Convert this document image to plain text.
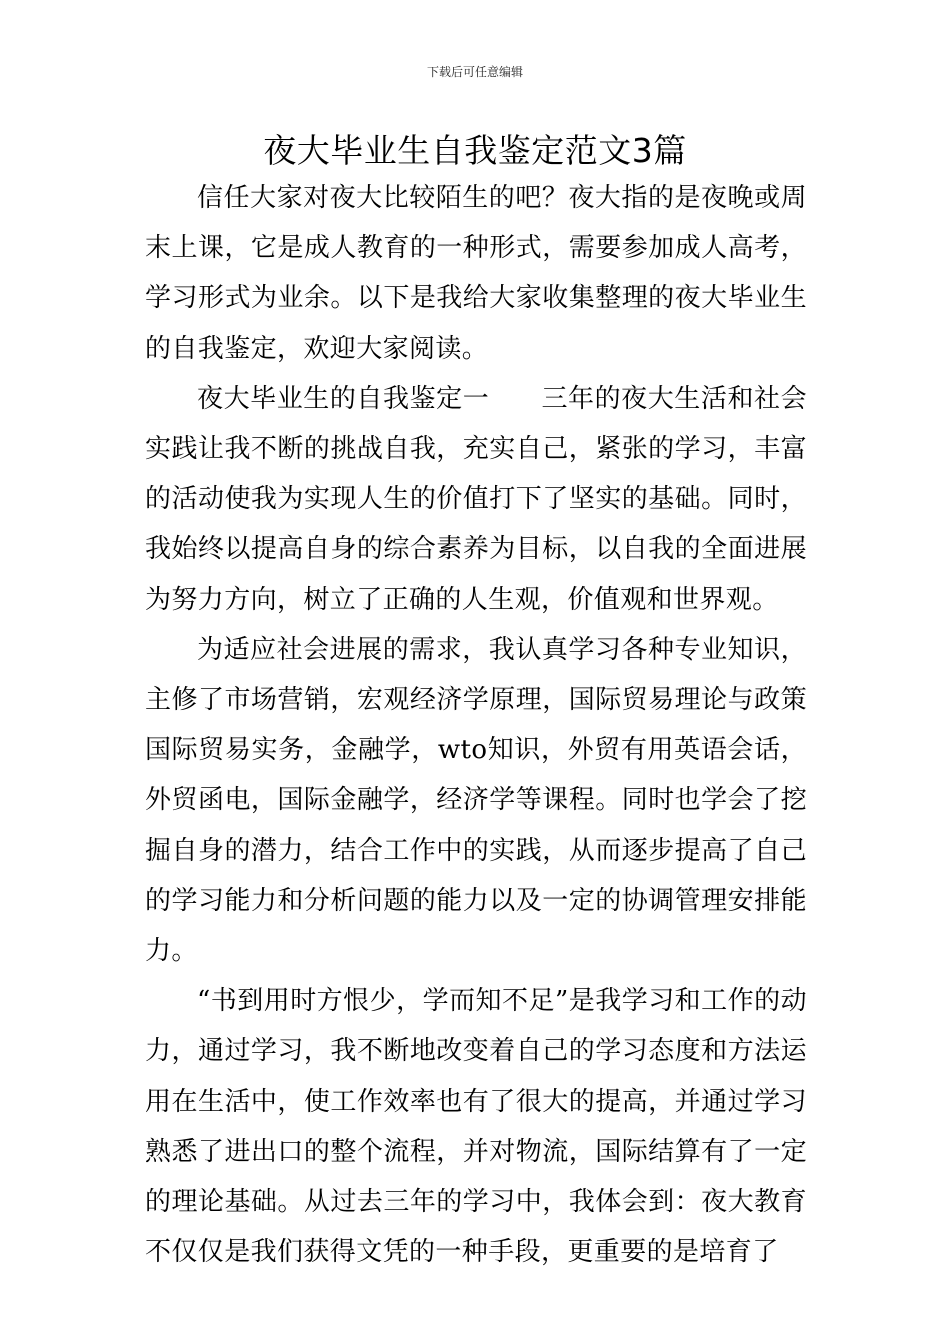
下载后可任意编辑
夜大毕业生自我鉴定范文3篇

信任大家对夜大比较陌生的吧？夜大指的是夜晚或周末上课，它是成人教育的一种形式，需要参加成人高考，学习形式为业余。以下是我给大家收集整理的夜大毕业生的自我鉴定，欢迎大家阅读。

夜大毕业生的自我鉴定一 三年的夜大生活和社会实践让我不断的挑战自我，充实自己，紧张的学习，丰富的活动使我为实现人生的价值打下了坚实的基础。同时，我始终以提高自身的综合素养为目标，以自我的全面进展为努力方向，树立了正确的人生观，价值观和世界观。

为适应社会进展的需求，我认真学习各种专业知识，主修了市场营销，宏观经济学原理，国际贸易理论与政策国际贸易实务，金融学，wto知识，外贸有用英语会话，外贸函电，国际金融学，经济学等课程。同时也学会了挖掘自身的潜力，结合工作中的实践，从而逐步提高了自己的学习能力和分析问题的能力以及一定的协调管理安排能力。

“书到用时方恨少，学而知不足”是我学习和工作的动力，通过学习，我不断地改变着自己的学习态度和方法运用在生活中，使工作效率也有了很大的提高，并通过学习熟悉了进出口的整个流程，并对物流，国际结算有了一定的理论基础。从过去三年的学习中，我体会到：夜大教育不仅仅是我们获得文凭的一种手段，更重要的是培育了
